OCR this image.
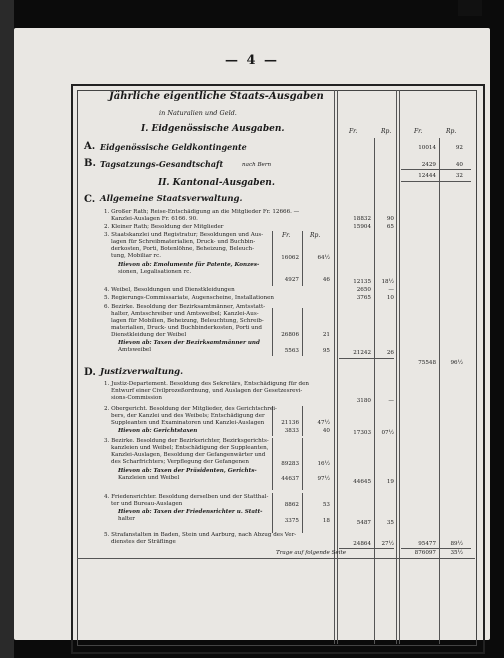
— 4 —
Jährliche eigentliche Staats-Ausgaben
in Naturalien und Geld.
I. Eidgenössische Ausgaben.	Fr.	Rp.	Fr.	Rp.
A. Eidgenössische Geldkontingente	10014	92
B. Tagsatzungs-Gesandtschaft	nach Bern	2429	40
12444	32
II. Kantonal-Ausgaben.
C. Allgemeine Staatsverwaltung.
1. Großer Rath; Reise-Entschädigung an die Mitglieder Fr. 12666. —
Kanzlei-Auslagen Fr. 6166. 90.	18832	90
2. Kleiner Rath; Besoldung der Mitglieder	15904	65
Fr.	Rp.
3. Staatskanzlei und Registratur; Besoldungen und Aus-
lagen für Schreibmaterialien, Druck- und Buchbin-
derkosten, Porti, Botenlöhne, Beheizung, Beleuch-
tung, Mobiliar rc.	16062	64½
Hievon ab: Emolumente für Patente, Konzes-
sionen, Legalisationen rc.
4927	46	12135	18½
4. Weibel, Besoldungen und Dienstkleidungen	2650	—
5. Regierungs-Commissariate, Augenscheine, Installationen	3765	10
6. Bezirke. Besoldung der Bezirksamtmänner, Amtsstatt-
halter, Amtsschreiber und Amtsweibel; Kanzlei-Aus-
lagen für Mobilien, Beheizung, Beleuchtung, Schreib-
materialien, Druck- und Buchbinderkosten, Porti und
Dienstkleidung der Weibel	26806	21
Hievon ab: Taxen der Bezirksamtmänner und
Amtsweibel	5563	95	21242	26
75548	96½
D. Justizverwaltung.
1. Justiz-Departement. Besoldung des Sekretärs, Entschädigung für den
Entwurf einer Civilprozeßordnung, und Auslagen der Gesetzesrevi-
sions-Commission	3180	—
2. Obergericht. Besoldung der Mitglieder, des Gerichtschrei-
bers, der Kanzlei und des Weibels; Entschädigung der
Suppleanten und Examinatoren und Kanzlei-Auslagen	21136	47½
Hievon ab: Gerichtstaxen	3833	40	17303	07½
3. Bezirke. Besoldung der Bezirksrichter, Bezirksgerichts-
kanzleien und Weibel; Entschädigung der Suppleanten,
Kanzlei-Auslagen, Besoldung der Gefangenwärter und
des Scharfrichters; Verpflegung der Gefangenen	89283	16½
Hievon ab: Taxen der Präsidenten, Gerichts-
Kanzleien und Weibel	44637	97½	44645	19
4. Friedensrichter. Besoldung derselben und der Statthal-
ter und Bureau-Auslagen	8862	53
Hievon ab: Taxen der Friedensrichter u. Statt-
halter	3375	18	5487	35
5. Strafanstalten in Baden, Stein und Aarburg, nach Abzug des Ver-
dienstes der Sträflinge	24864	27½	95477	89½
Trage auf folgende Seite	876097	35½
